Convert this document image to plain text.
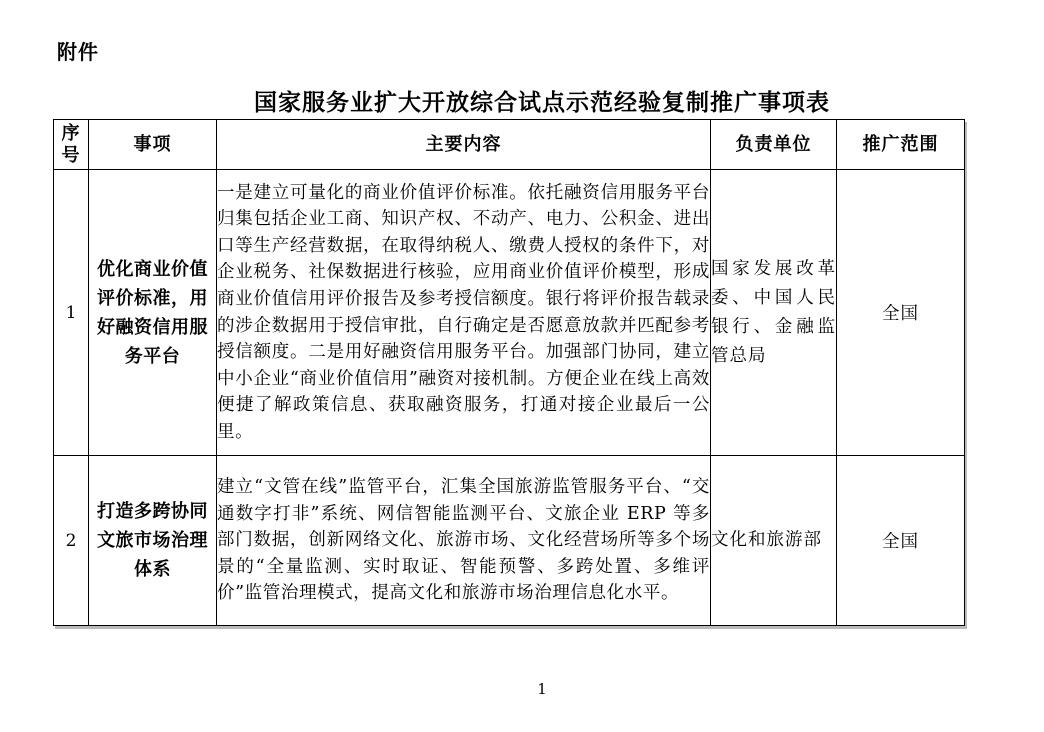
附件
国家服务业扩大开放综合试点示范经验复制推广事项表
序号	事项	主要内容	负责单位	推广范围
1	优化商业价值评价标准，用好融资信用服务平台	一是建立可量化的商业价值评价标准。依托融资信用服务平台归集包括企业工商、知识产权、不动产、电力、公积金、进出口等生产经营数据，在取得纳税人、缴费人授权的条件下，对企业税务、社保数据进行核验，应用商业价值评价模型，形成商业价值信用评价报告及参考授信额度。银行将评价报告载录的涉企数据用于授信审批，自行确定是否愿意放款并匹配参考授信额度。二是用好融资信用服务平台。加强部门协同，建立中小企业“商业价值信用”融资对接机制。方便企业在线上高效便捷了解政策信息、获取融资服务，打通对接企业最后一公里。	国家发展改革委、中国人民银行、金融监管总局	全国
2	打造多跨协同文旅市场治理体系	建立“文管在线”监管平台，汇集全国旅游监管服务平台、“交通数字打非”系统、网信智能监测平台、文旅企业 ERP 等多部门数据，创新网络文化、旅游市场、文化经营场所等多个场景的“全量监测、实时取证、智能预警、多跨处置、多维评价”监管治理模式，提高文化和旅游市场治理信息化水平。	文化和旅游部	全国
1
